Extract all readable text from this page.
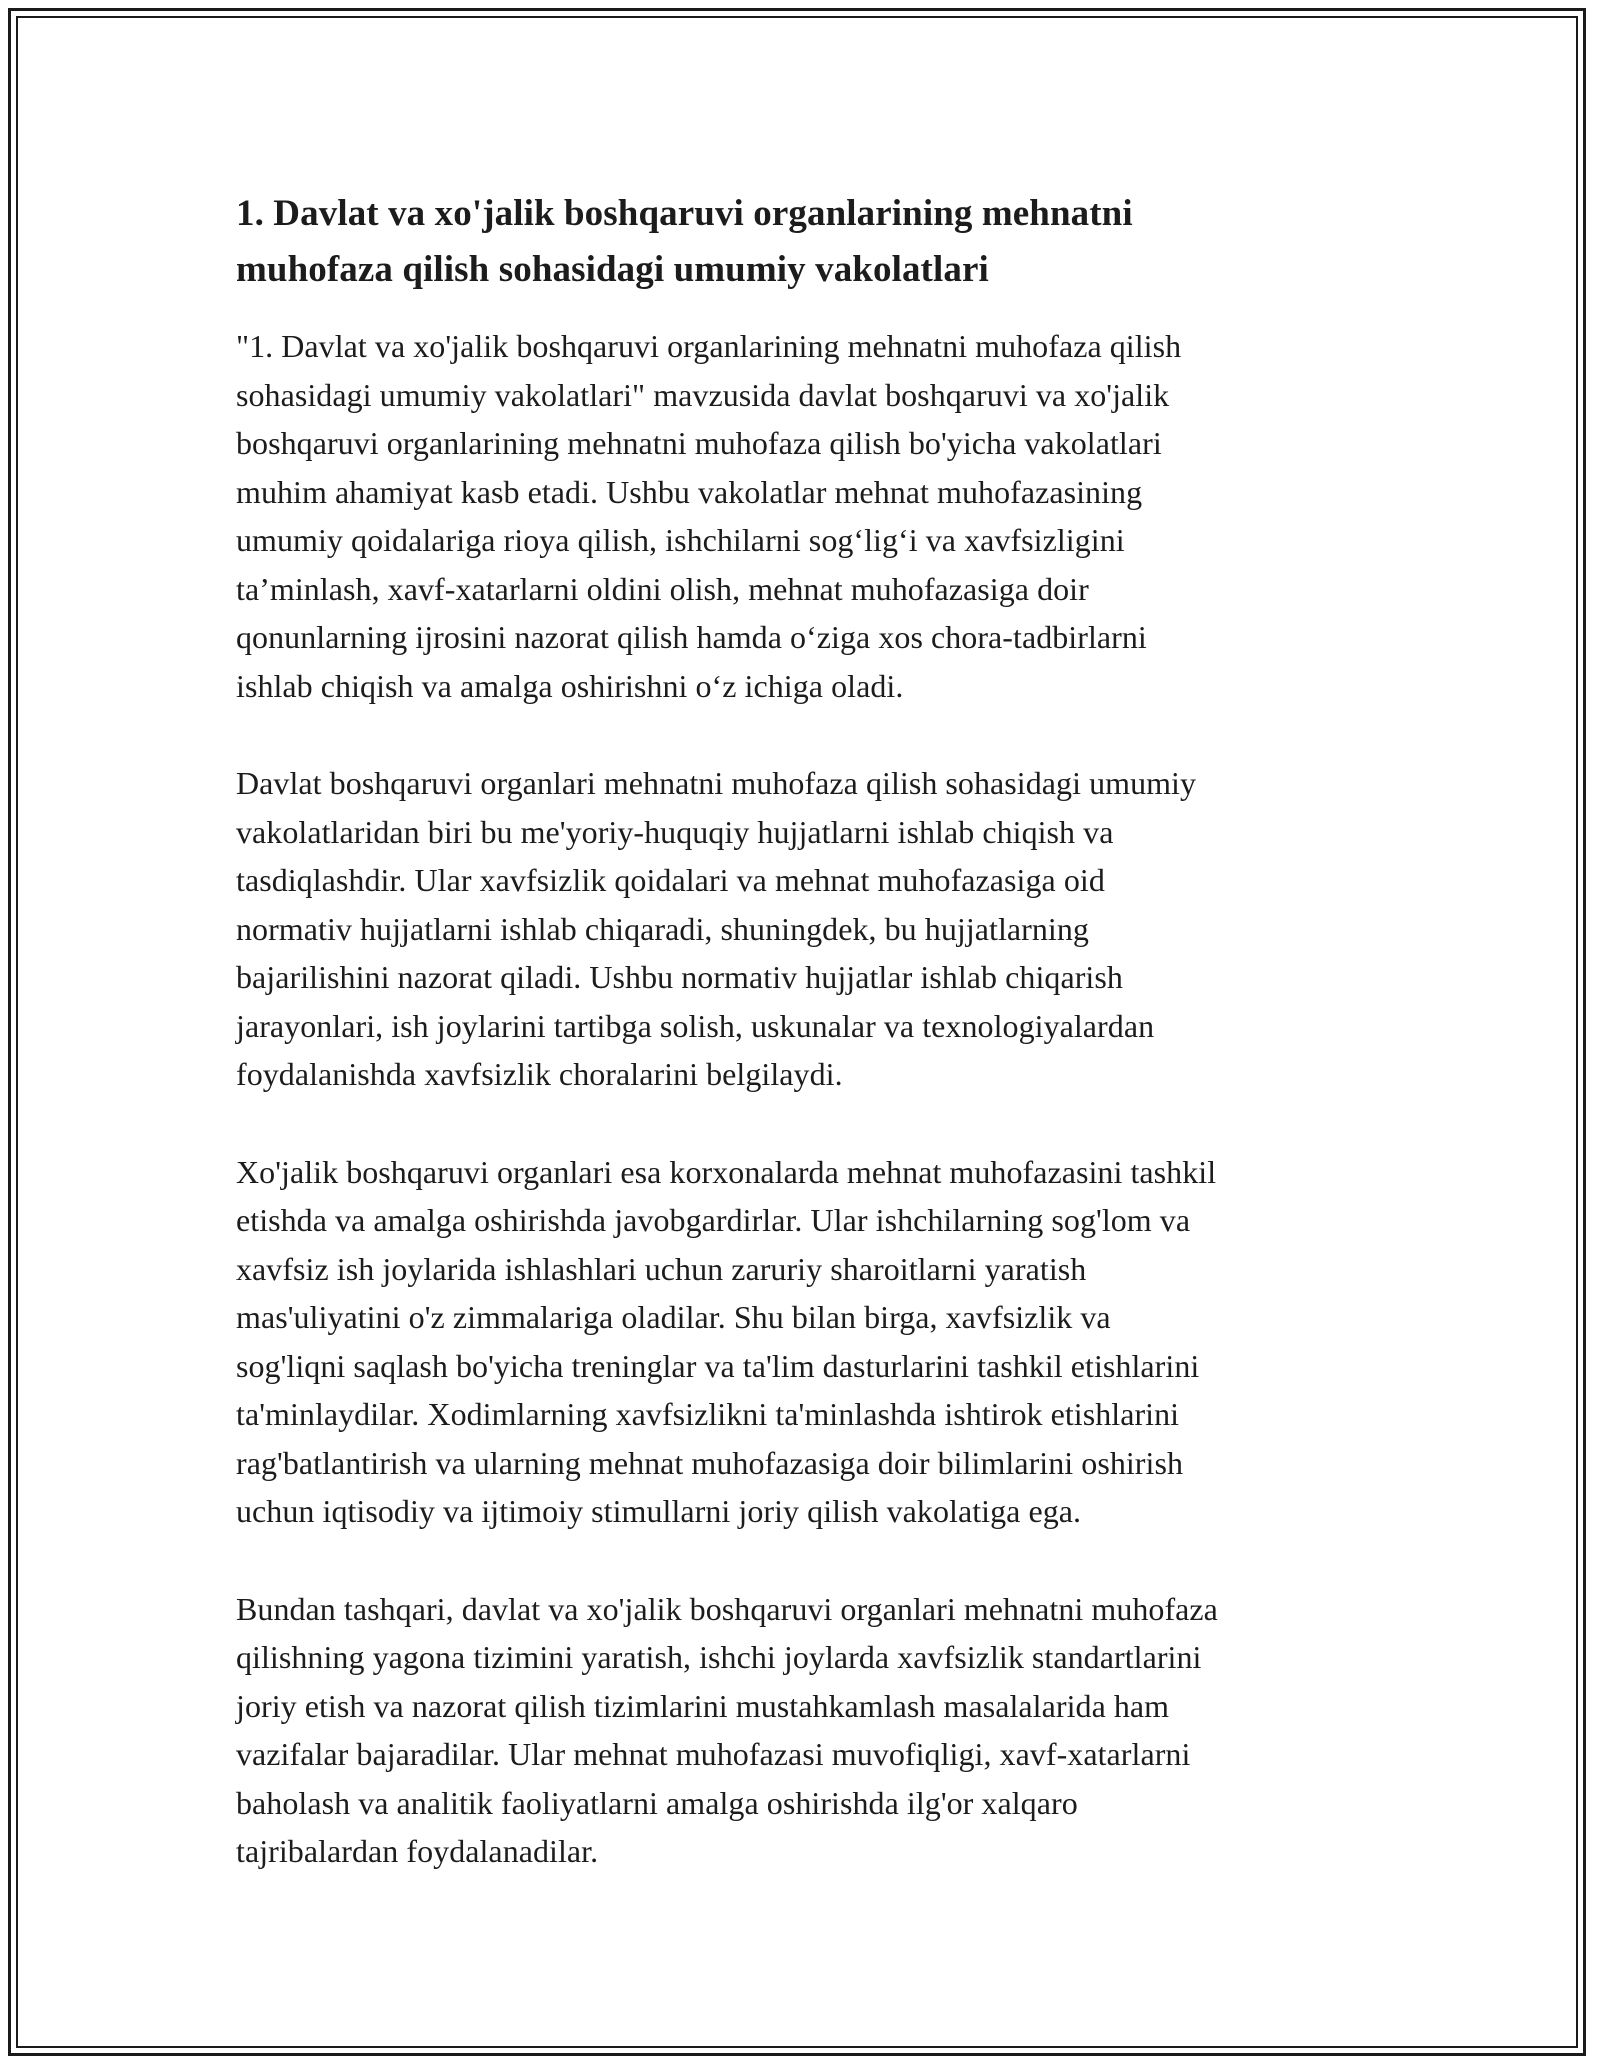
1. Davlat va xo'jalik boshqaruvi organlarining mehnatni
muhofaza qilish sohasidagi umumiy vakolatlari

"1. Davlat va xo'jalik boshqaruvi organlarining mehnatni muhofaza qilish
sohasidagi umumiy vakolatlari" mavzusida davlat boshqaruvi va xo'jalik
boshqaruvi organlarining mehnatni muhofaza qilish bo'yicha vakolatlari
muhim ahamiyat kasb etadi. Ushbu vakolatlar mehnat muhofazasining
umumiy qoidalariga rioya qilish, ishchilarni sog‘lig‘i va xavfsizligini
ta’minlash, xavf-xatarlarni oldini olish, mehnat muhofazasiga doir
qonunlarning ijrosini nazorat qilish hamda o‘ziga xos chora-tadbirlarni
ishlab chiqish va amalga oshirishni o‘z ichiga oladi.

Davlat boshqaruvi organlari mehnatni muhofaza qilish sohasidagi umumiy
vakolatlaridan biri bu me'yoriy-huquqiy hujjatlarni ishlab chiqish va
tasdiqlashdir. Ular xavfsizlik qoidalari va mehnat muhofazasiga oid
normativ hujjatlarni ishlab chiqaradi, shuningdek, bu hujjatlarning
bajarilishini nazorat qiladi. Ushbu normativ hujjatlar ishlab chiqarish
jarayonlari, ish joylarini tartibga solish, uskunalar va texnologiyalardan
foydalanishda xavfsizlik choralarini belgilaydi.

Xo'jalik boshqaruvi organlari esa korxonalarda mehnat muhofazasini tashkil
etishda va amalga oshirishda javobgardirlar. Ular ishchilarning sog'lom va
xavfsiz ish joylarida ishlashlari uchun zaruriy sharoitlarni yaratish
mas'uliyatini o'z zimmalariga oladilar. Shu bilan birga, xavfsizlik va
sog'liqni saqlash bo'yicha treninglar va ta'lim dasturlarini tashkil etishlarini
ta'minlaydilar. Xodimlarning xavfsizlikni ta'minlashda ishtirok etishlarini
rag'batlantirish va ularning mehnat muhofazasiga doir bilimlarini oshirish
uchun iqtisodiy va ijtimoiy stimullarni joriy qilish vakolatiga ega.

Bundan tashqari, davlat va xo'jalik boshqaruvi organlari mehnatni muhofaza
qilishning yagona tizimini yaratish, ishchi joylarda xavfsizlik standartlarini
joriy etish va nazorat qilish tizimlarini mustahkamlash masalalarida ham
vazifalar bajaradilar. Ular mehnat muhofazasi muvofiqligi, xavf-xatarlarni
baholash va analitik faoliyatlarni amalga oshirishda ilg'or xalqaro
tajribalardan foydalanadilar.
